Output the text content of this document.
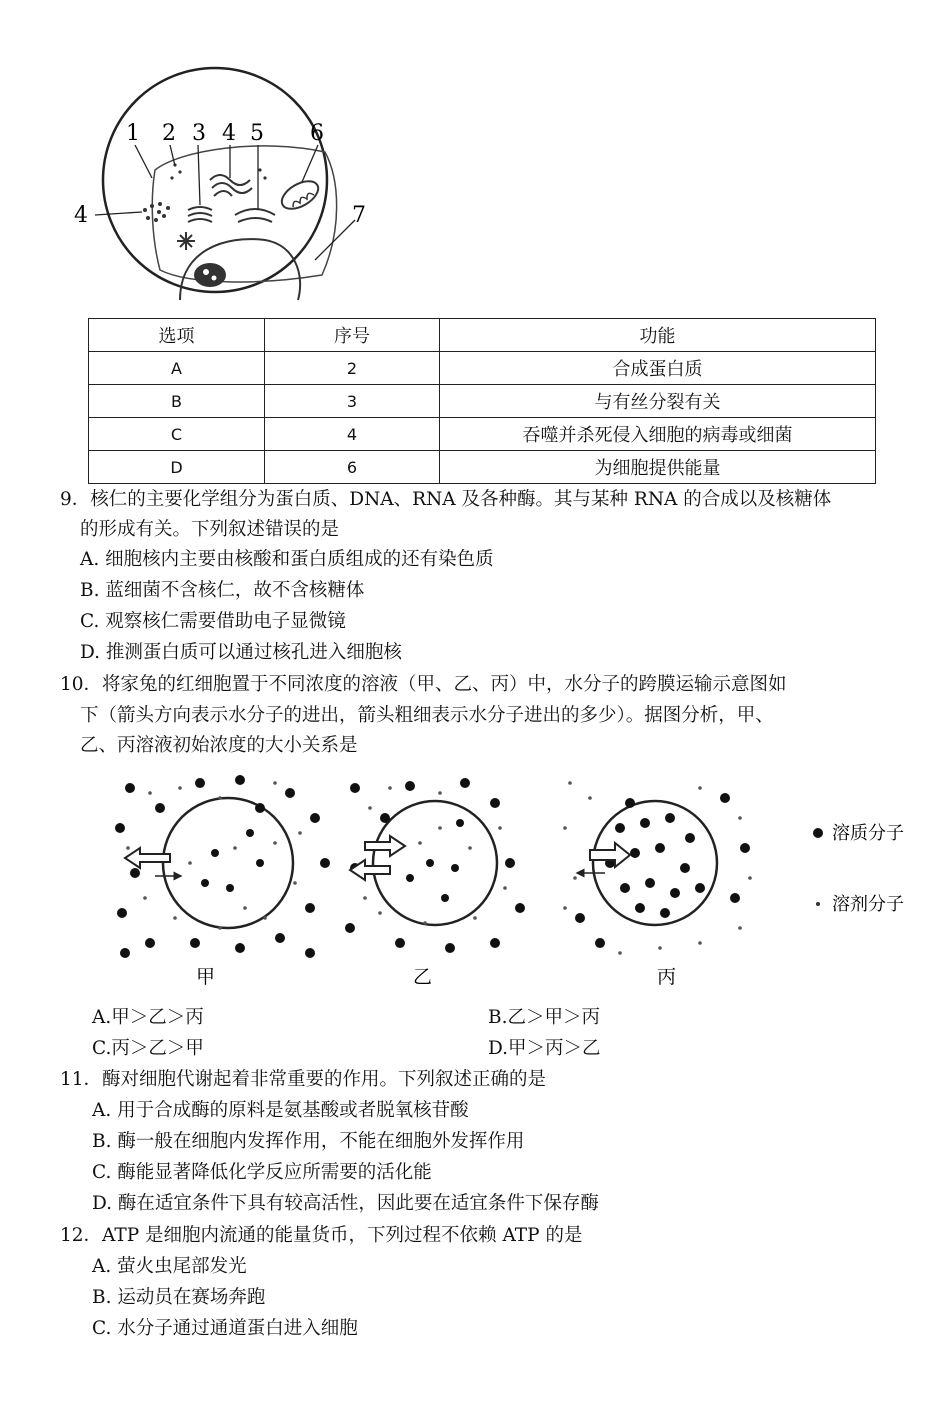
1 2 3 4 5 6
4	7
选项	序号	功能
A	2	合成蛋白质
B	3	与有丝分裂有关
C	4	吞噬并杀死侵入细胞的病毒或细菌
D	6	为细胞提供能量
9．核仁的主要化学组分为蛋白质、DNA、RNA 及各种酶。其与某种 RNA 的合成以及核糖体
的形成有关。下列叙述错误的是
A. 细胞核内主要由核酸和蛋白质组成的还有染色质
B. 蓝细菌不含核仁，故不含核糖体
C. 观察核仁需要借助电子显微镜
D. 推测蛋白质可以通过核孔进入细胞核
10．将家兔的红细胞置于不同浓度的溶液（甲、乙、丙）中，水分子的跨膜运输示意图如
下（箭头方向表示水分子的进出，箭头粗细表示水分子进出的多少）。据图分析，甲、
乙、丙溶液初始浓度的大小关系是
溶质分子
溶剂分子
甲	乙	丙
A.甲＞乙＞丙	B.乙＞甲＞丙
C.丙＞乙＞甲	D.甲＞丙＞乙
11．酶对细胞代谢起着非常重要的作用。下列叙述正确的是
A. 用于合成酶的原料是氨基酸或者脱氧核苷酸
B. 酶一般在细胞内发挥作用，不能在细胞外发挥作用
C. 酶能显著降低化学反应所需要的活化能
D. 酶在适宜条件下具有较高活性，因此要在适宜条件下保存酶
12．ATP 是细胞内流通的能量货币，下列过程不依赖 ATP 的是
A. 萤火虫尾部发光
B. 运动员在赛场奔跑
C. 水分子通过通道蛋白进入细胞
